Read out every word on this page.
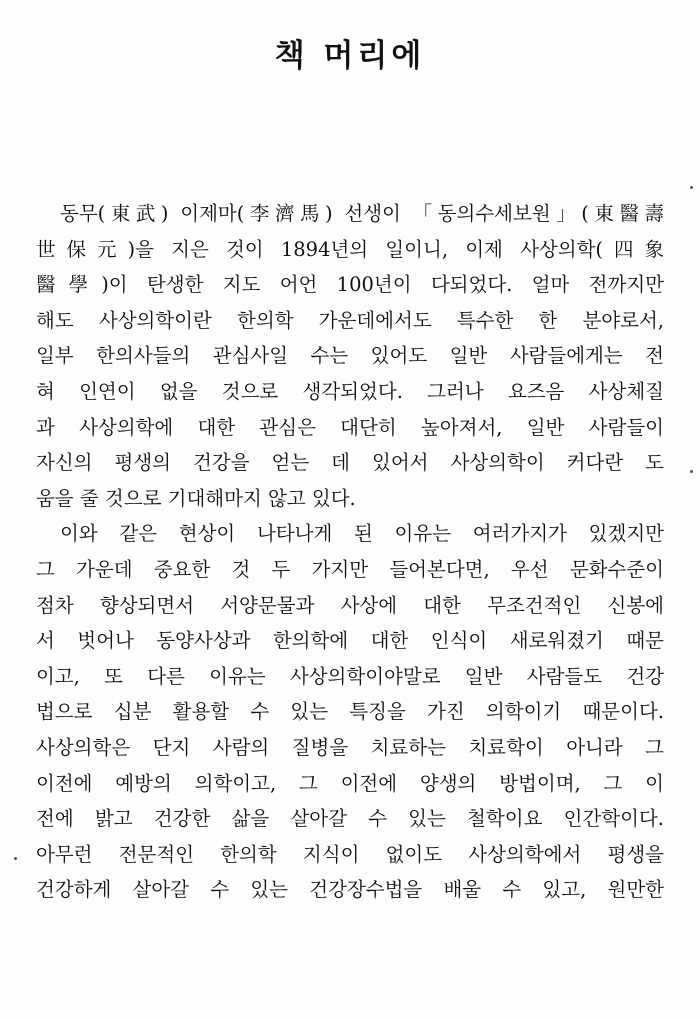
책 머리에
동무(東武) 이제마(李濟馬) 선생이 「동의수세보원」(東醫壽
世保元)을 지은 것이 1894년의 일이니, 이제 사상의학(四象
醫學)이 탄생한 지도 어언 100년이 다되었다. 얼마 전까지만
해도 사상의학이란 한의학 가운데에서도 특수한 한 분야로서,
일부 한의사들의 관심사일 수는 있어도 일반 사람들에게는 전
혀 인연이 없을 것으로 생각되었다. 그러나 요즈음 사상체질
과 사상의학에 대한 관심은 대단히 높아져서, 일반 사람들이
자신의 평생의 건강을 얻는 데 있어서 사상의학이 커다란 도
움을 줄 것으로 기대해마지 않고 있다.
이와 같은 현상이 나타나게 된 이유는 여러가지가 있겠지만
그 가운데 중요한 것 두 가지만 들어본다면, 우선 문화수준이
점차 향상되면서 서양문물과 사상에 대한 무조건적인 신봉에
서 벗어나 동양사상과 한의학에 대한 인식이 새로워졌기 때문
이고, 또 다른 이유는 사상의학이야말로 일반 사람들도 건강
법으로 십분 활용할 수 있는 특징을 가진 의학이기 때문이다.
사상의학은 단지 사람의 질병을 치료하는 치료학이 아니라 그
이전에 예방의 의학이고, 그 이전에 양생의 방법이며, 그 이
전에 밝고 건강한 삶을 살아갈 수 있는 철학이요 인간학이다.
아무런 전문적인 한의학 지식이 없이도 사상의학에서 평생을
건강하게 살아갈 수 있는 건강장수법을 배울 수 있고, 원만한
